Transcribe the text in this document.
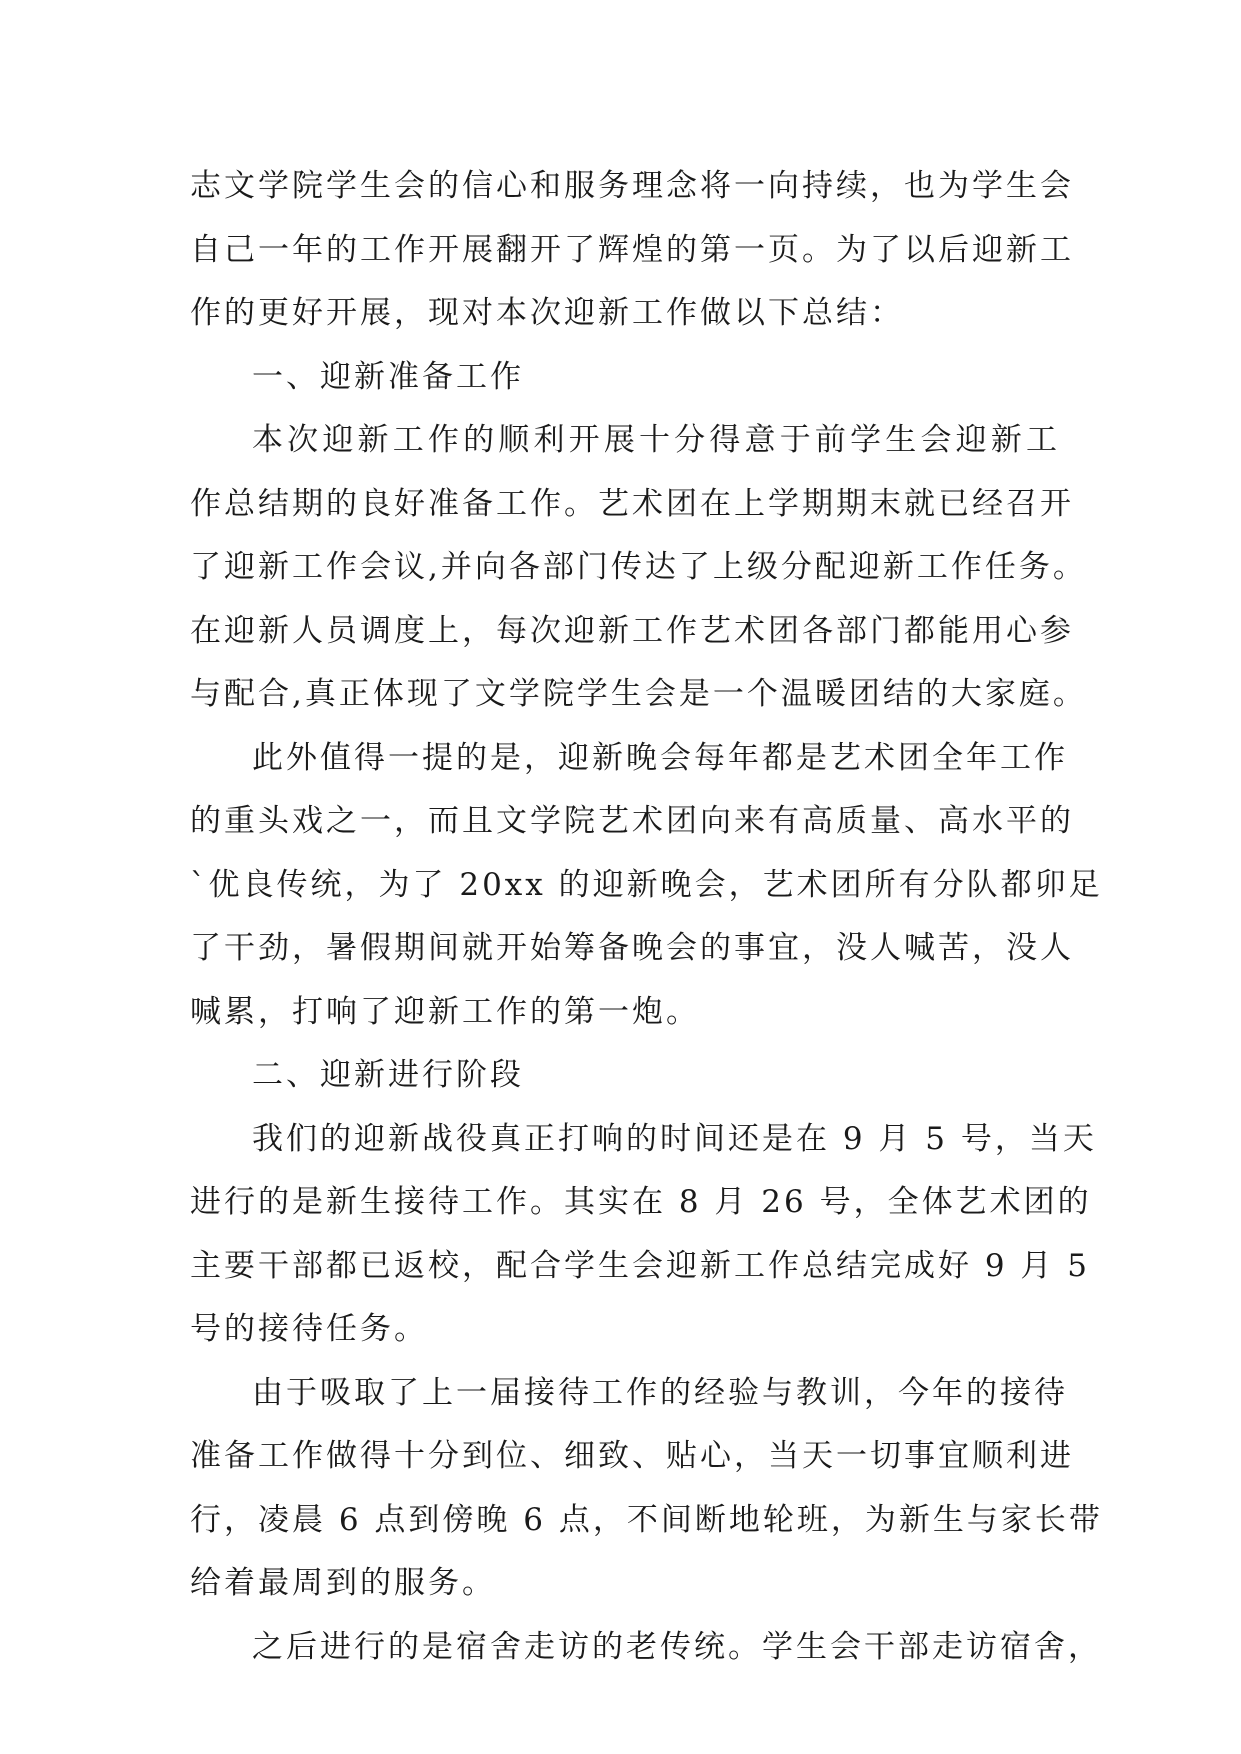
志文学院学生会的信心和服务理念将一向持续，也为学生会
自己一年的工作开展翻开了辉煌的第一页。为了以后迎新工
作的更好开展，现对本次迎新工作做以下总结：
一、迎新准备工作
本次迎新工作的顺利开展十分得意于前学生会迎新工
作总结期的良好准备工作。艺术团在上学期期末就已经召开
了迎新工作会议,并向各部门传达了上级分配迎新工作任务。
在迎新人员调度上，每次迎新工作艺术团各部门都能用心参
与配合,真正体现了文学院学生会是一个温暖团结的大家庭。
此外值得一提的是，迎新晚会每年都是艺术团全年工作
的重头戏之一，而且文学院艺术团向来有高质量、高水平的
`优良传统，为了 20xx 的迎新晚会，艺术团所有分队都卯足
了干劲，暑假期间就开始筹备晚会的事宜，没人喊苦，没人
喊累，打响了迎新工作的第一炮。
二、迎新进行阶段
我们的迎新战役真正打响的时间还是在 9 月 5 号，当天
进行的是新生接待工作。其实在 8 月 26 号，全体艺术团的
主要干部都已返校，配合学生会迎新工作总结完成好 9 月 5
号的接待任务。
由于吸取了上一届接待工作的经验与教训，今年的接待
准备工作做得十分到位、细致、贴心，当天一切事宜顺利进
行，凌晨 6 点到傍晚 6 点，不间断地轮班，为新生与家长带
给着最周到的服务。
之后进行的是宿舍走访的老传统。学生会干部走访宿舍，
